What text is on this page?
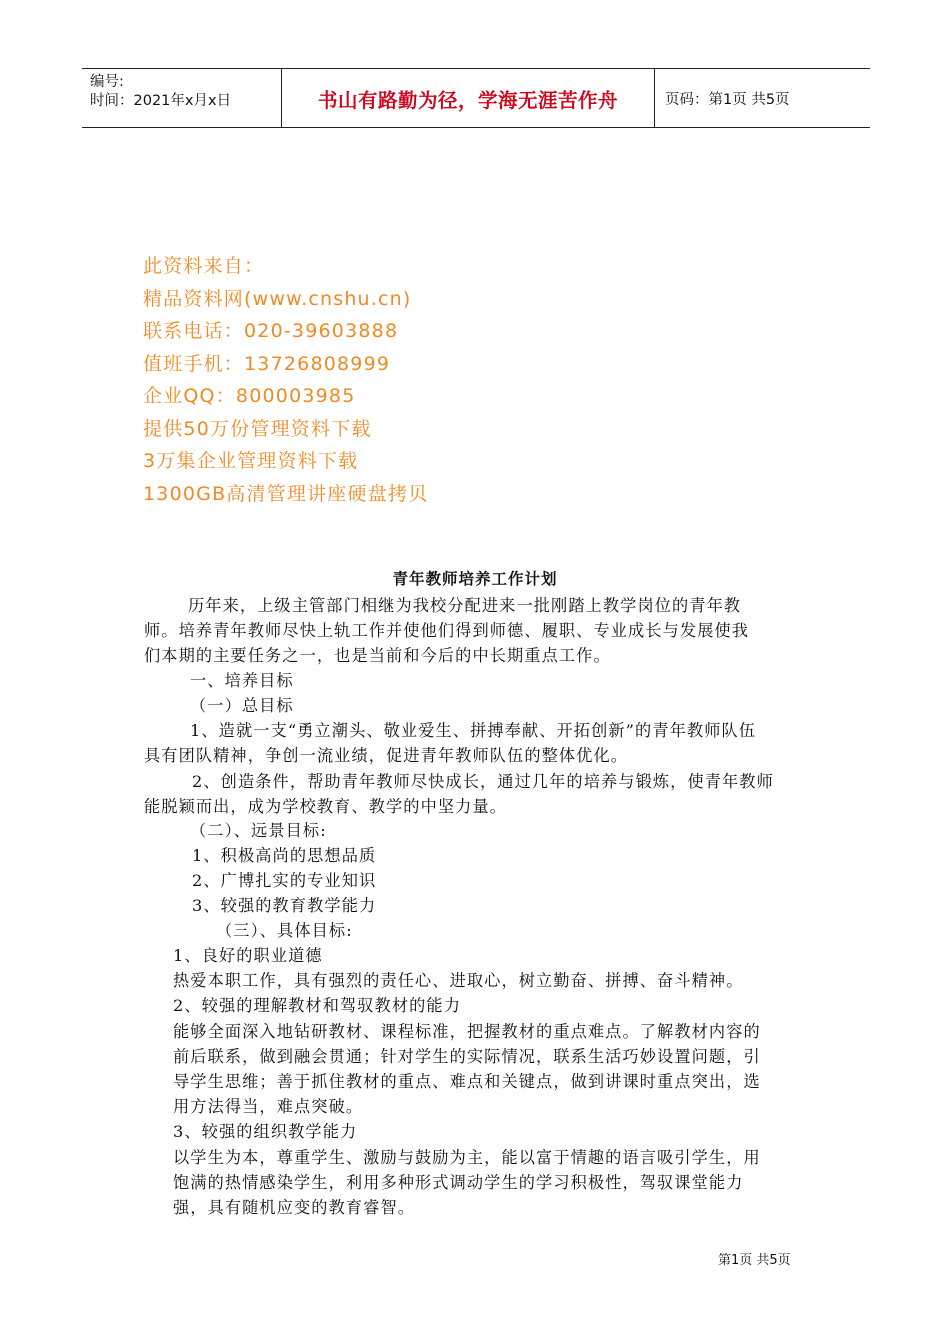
编号:
时间：2021年x月x日	书山有路勤为径，学海无涯苦作舟	页码：第1页 共5页
此资料来自：
精品资料网(www.cnshu.cn)
联系电话：020-39603888
值班手机：13726808999
企业QQ：800003985
提供50万份管理资料下载
3万集企业管理资料下载
1300GB高清管理讲座硬盘拷贝
青年教师培养工作计划
历年来，上级主管部门相继为我校分配进来一批刚踏上教学岗位的青年教
师。培养青年教师尽快上轨工作并使他们得到师德、履职、专业成长与发展使我
们本期的主要任务之一，也是当前和今后的中长期重点工作。
一、培养目标
（一）总目标
1、造就一支“勇立潮头、敬业爱生、拼搏奉献、开拓创新”的青年教师队伍
具有团队精神，争创一流业绩，促进青年教师队伍的整体优化。
2、创造条件，帮助青年教师尽快成长，通过几年的培养与锻炼，使青年教师
能脱颖而出，成为学校教育、教学的中坚力量。
（二）、远景目标:
1、积极高尚的思想品质
2、广博扎实的专业知识
3、较强的教育教学能力
（三）、具体目标:
1、良好的职业道德
热爱本职工作，具有强烈的责任心、进取心，树立勤奋、拼搏、奋斗精神。
2、较强的理解教材和驾驭教材的能力
能够全面深入地钻研教材、课程标准，把握教材的重点难点。了解教材内容的
前后联系，做到融会贯通；针对学生的实际情况，联系生活巧妙设置问题，引
导学生思维；善于抓住教材的重点、难点和关键点，做到讲课时重点突出，选
用方法得当，难点突破。
3、较强的组织教学能力
以学生为本，尊重学生、激励与鼓励为主，能以富于情趣的语言吸引学生，用
饱满的热情感染学生，利用多种形式调动学生的学习积极性，驾驭课堂能力
强，具有随机应变的教育睿智。
第1页 共5页
